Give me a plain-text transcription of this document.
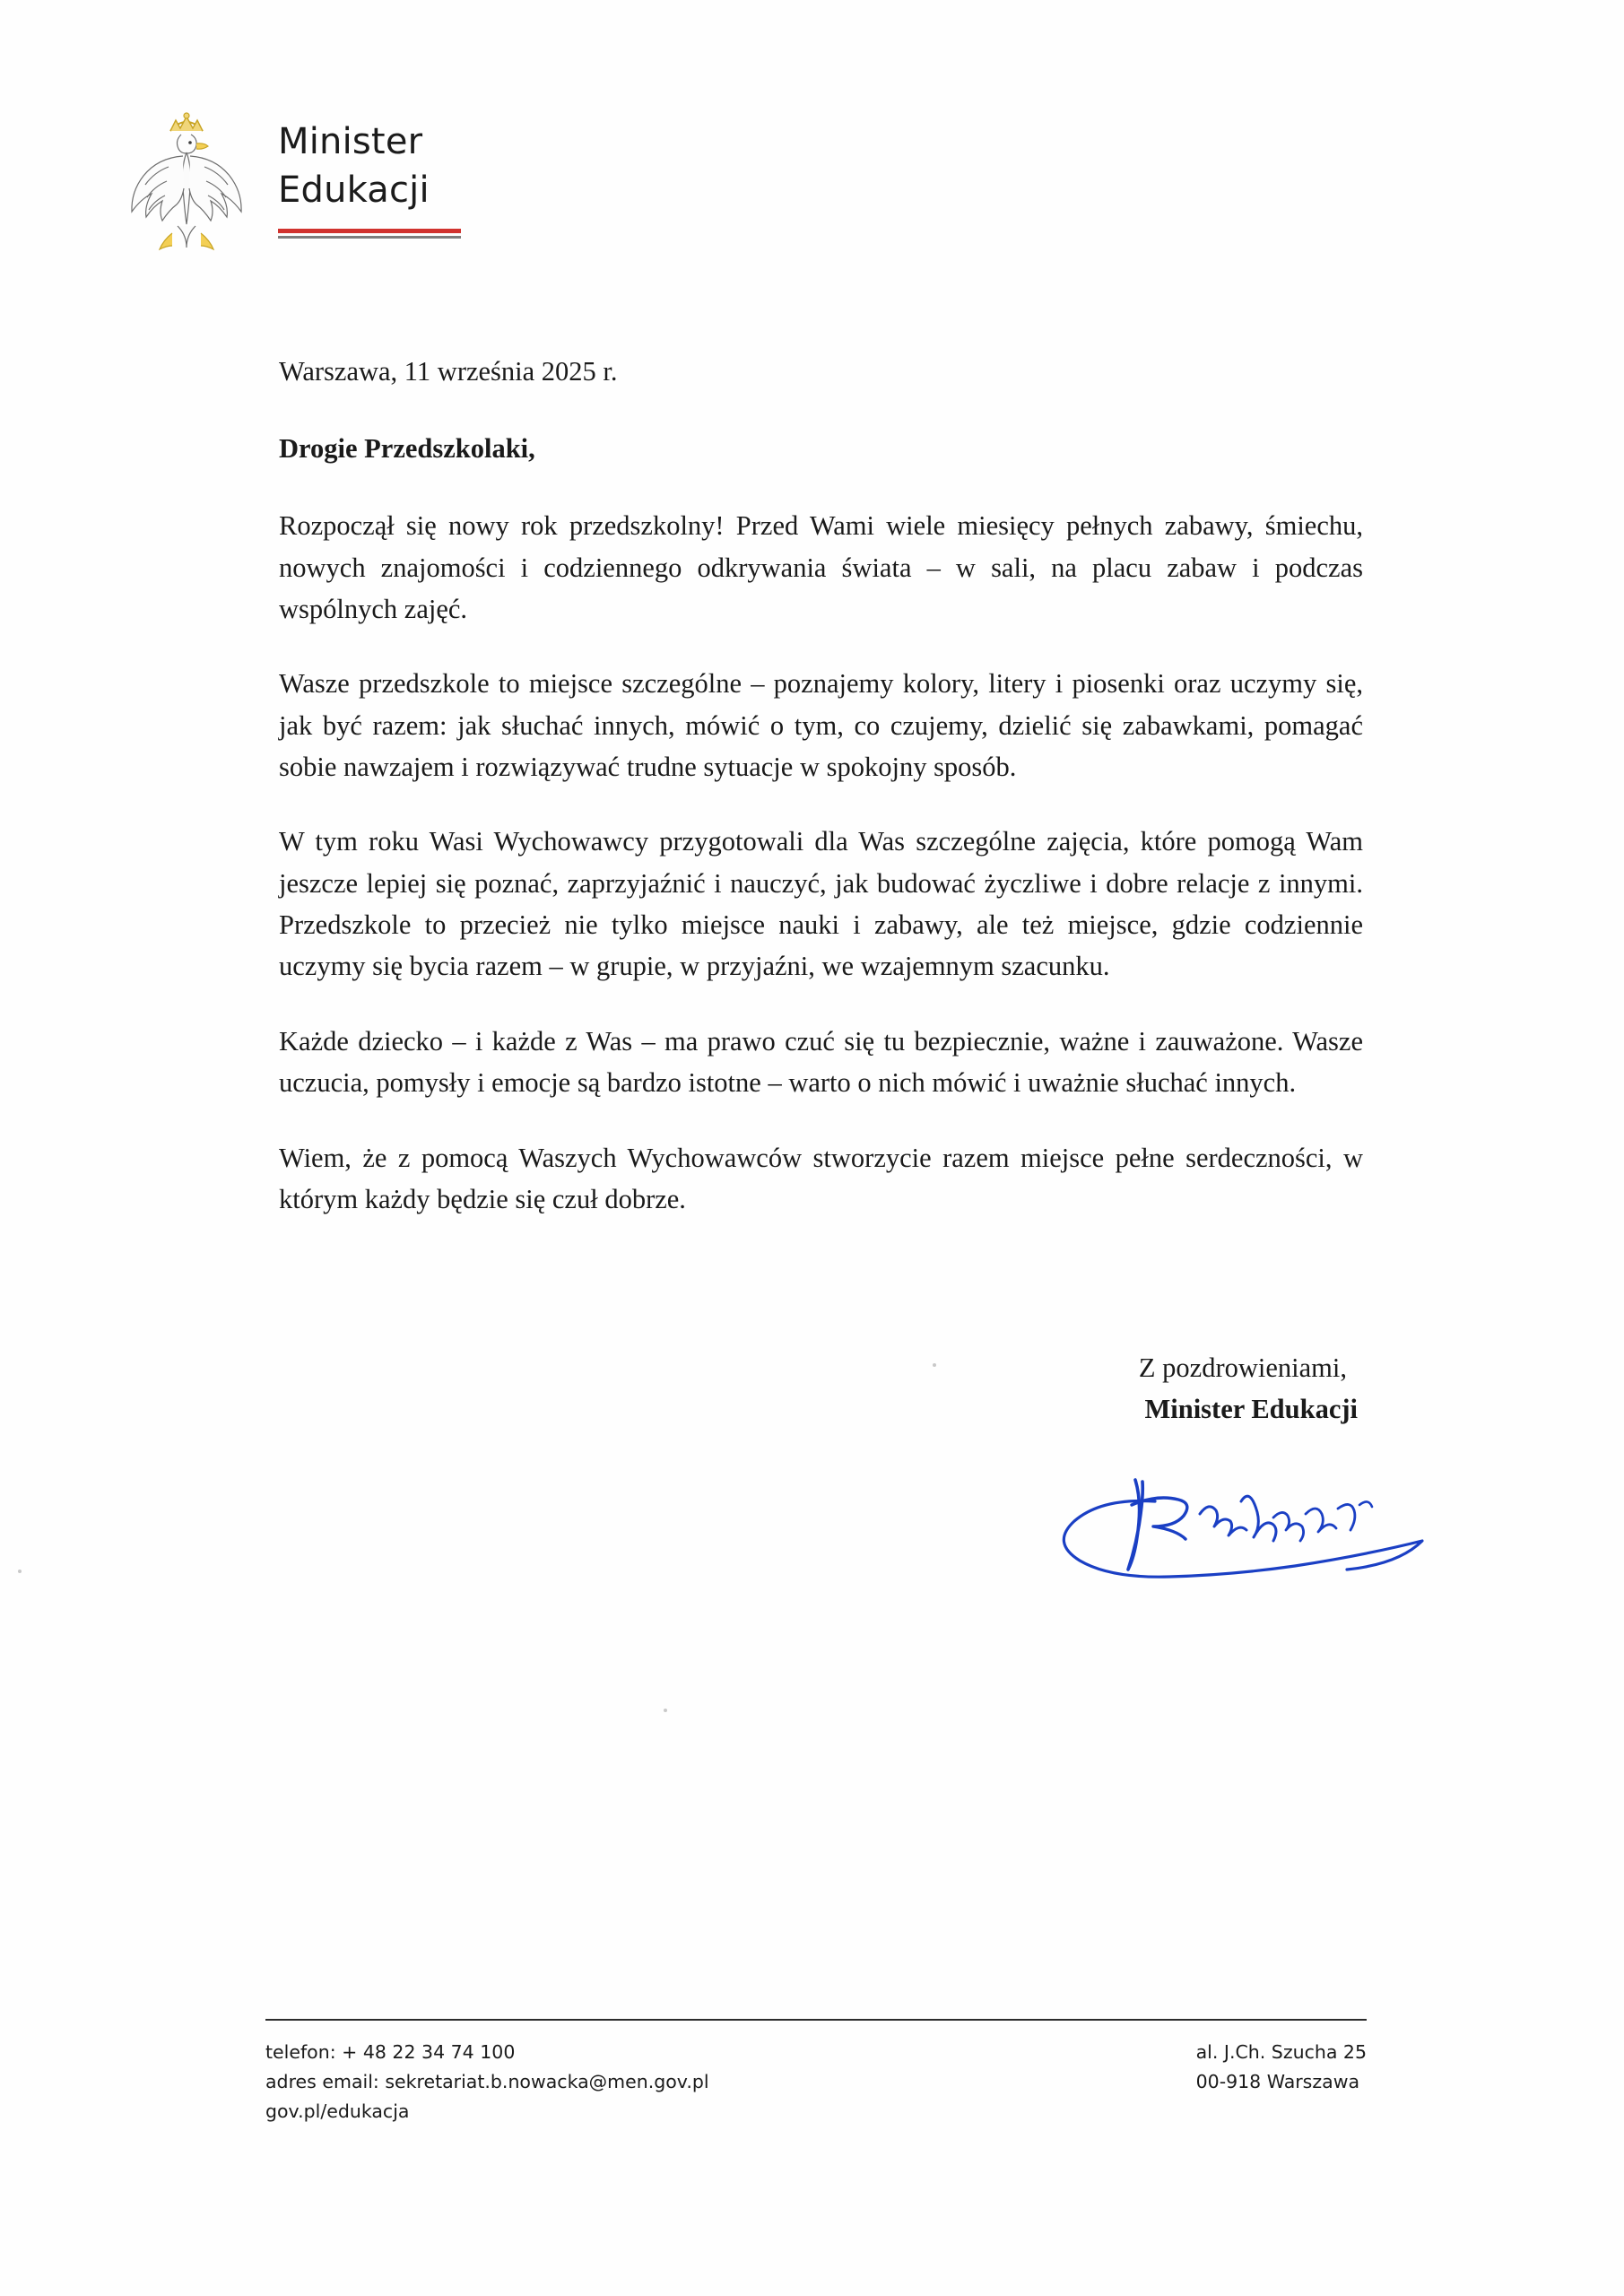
Minister
Edukacji
Warszawa, 11 września 2025 r.
Drogie Przedszkolaki,

Rozpoczął się nowy rok przedszkolny! Przed Wami wiele miesięcy pełnych zabawy, śmiechu, nowych znajomości i codziennego odkrywania świata – w sali, na placu zabaw i podczas wspólnych zajęć.

Wasze przedszkole to miejsce szczególne – poznajemy kolory, litery i piosenki oraz uczymy się, jak być razem: jak słuchać innych, mówić o tym, co czujemy, dzielić się zabawkami, pomagać sobie nawzajem i rozwiązywać trudne sytuacje w spokojny sposób.

W tym roku Wasi Wychowawcy przygotowali dla Was szczególne zajęcia, które pomogą Wam jeszcze lepiej się poznać, zaprzyjaźnić i nauczyć, jak budować życzliwe i dobre relacje z innymi. Przedszkole to przecież nie tylko miejsce nauki i zabawy, ale też miejsce, gdzie codziennie uczymy się bycia razem – w grupie, w przyjaźni, we wzajemnym szacunku.

Każde dziecko – i każde z Was – ma prawo czuć się tu bezpiecznie, ważne i zauważone. Wasze uczucia, pomysły i emocje są bardzo istotne – warto o nich mówić i uważnie słuchać innych.

Wiem, że z pomocą Waszych Wychowawców stworzycie razem miejsce pełne serdeczności, w którym każdy będzie się czuł dobrze.

Z pozdrowieniami,
Minister Edukacji
telefon: + 48 22 34 74 100
adres email: sekretariat.b.nowacka@men.gov.pl
gov.pl/edukacja
al. J.Ch. Szucha 25
00-918 Warszawa
